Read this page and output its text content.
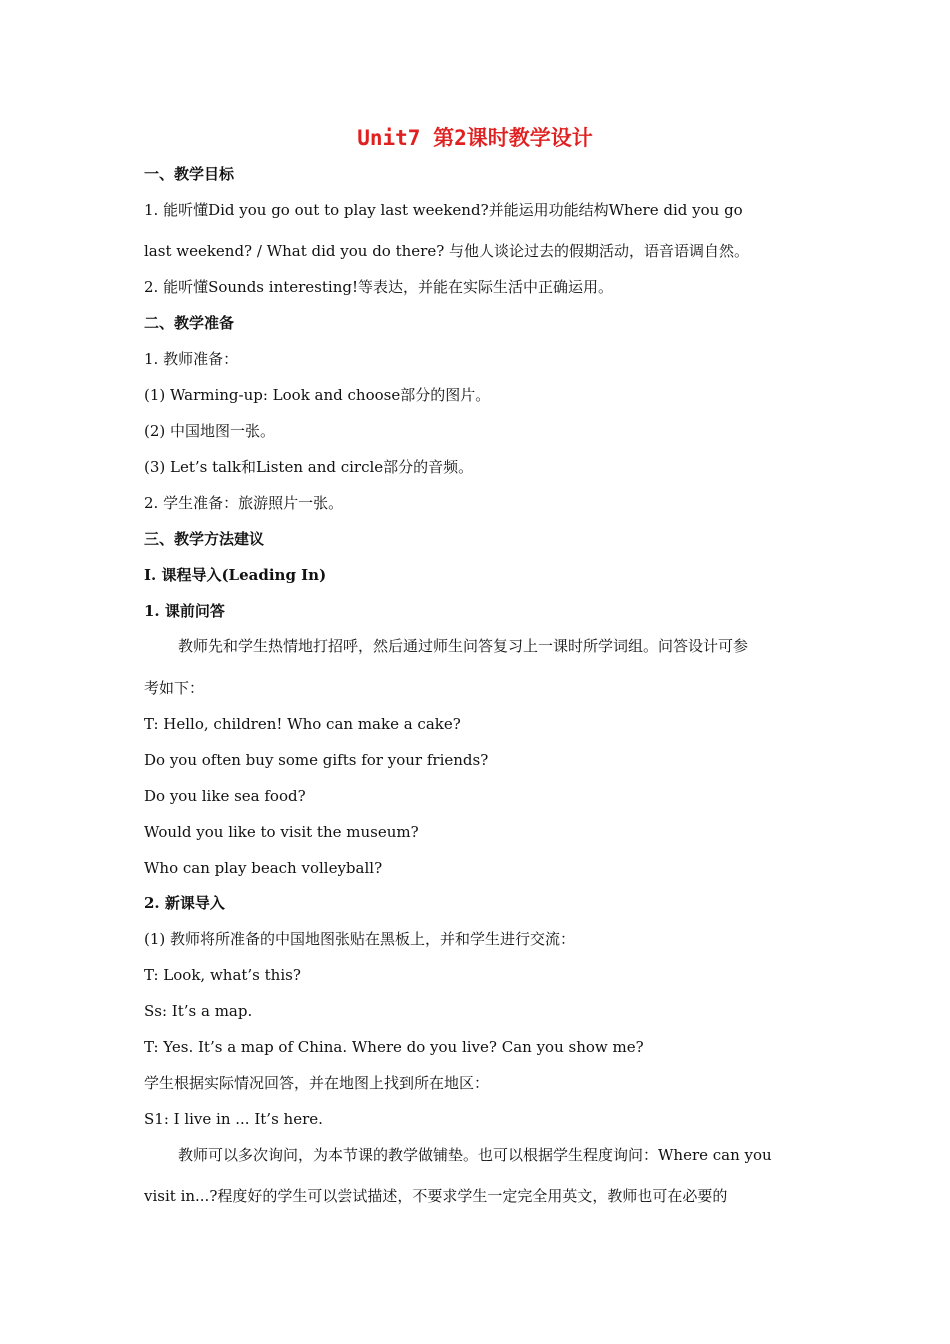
Unit7 第2课时教学设计

一、教学目标

1. 能听懂Did you go out to play last weekend?并能运用功能结构Where did you go

last weekend? / What did you do there? 与他人谈论过去的假期活动，语音语调自然。

2. 能听懂Sounds interesting!等表达，并能在实际生活中正确运用。

二、教学准备

1. 教师准备：

(1) Warming-up: Look and choose部分的图片。

(2) 中国地图一张。

(3) Let’s talk和Listen and circle部分的音频。

2. 学生准备：旅游照片一张。

三、教学方法建议

I. 课程导入(Leading In)

1. 课前问答

教师先和学生热情地打招呼，然后通过师生问答复习上一课时所学词组。问答设计可参

考如下：

T: Hello, children! Who can make a cake?

Do you often buy some gifts for your friends?

Do you like sea food?

Would you like to visit the museum?

Who can play beach volleyball?

2. 新课导入

(1) 教师将所准备的中国地图张贴在黑板上，并和学生进行交流：

T: Look, what’s this?

Ss: It’s a map.

T: Yes. It’s a map of China. Where do you live? Can you show me?

学生根据实际情况回答，并在地图上找到所在地区：

S1: I live in ... It’s here.

教师可以多次询问，为本节课的教学做铺垫。也可以根据学生程度询问：Where can you

visit in...?程度好的学生可以尝试描述，不要求学生一定完全用英文，教师也可在必要的
